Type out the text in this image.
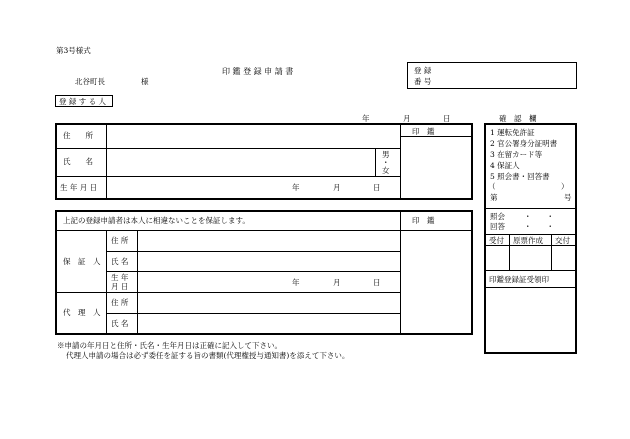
第3号様式
印 鑑 登 録 申 請 書
北谷町長	様
登 録
番 号
登 録 す る 人
年	月	日
住　　所	印　鑑
氏　　名
男
・
女
生 年 月 日	年	月	日
上記の登録申請者は本人に相違ないことを保証します。	印　鑑
保　証　人
住 所
氏 名
生 年
月 日	年	月	日
代　理　人
住 所
氏 名
※申請の年月日と住所・氏名・生年月日は正確に記入して下さい。
代理人申請の場合は必ず委任を証する旨の書類(代理権授与通知書)を添えて下さい。
確　認　欄
1 運転免許証
2 官公署身分証明書
3 在留カード等
4 保証人
5 照会書・回答書
（	）
第	号
照会	・　　・
回答	・　　・
受付 原票作成 交付
印鑑登録証受領印
